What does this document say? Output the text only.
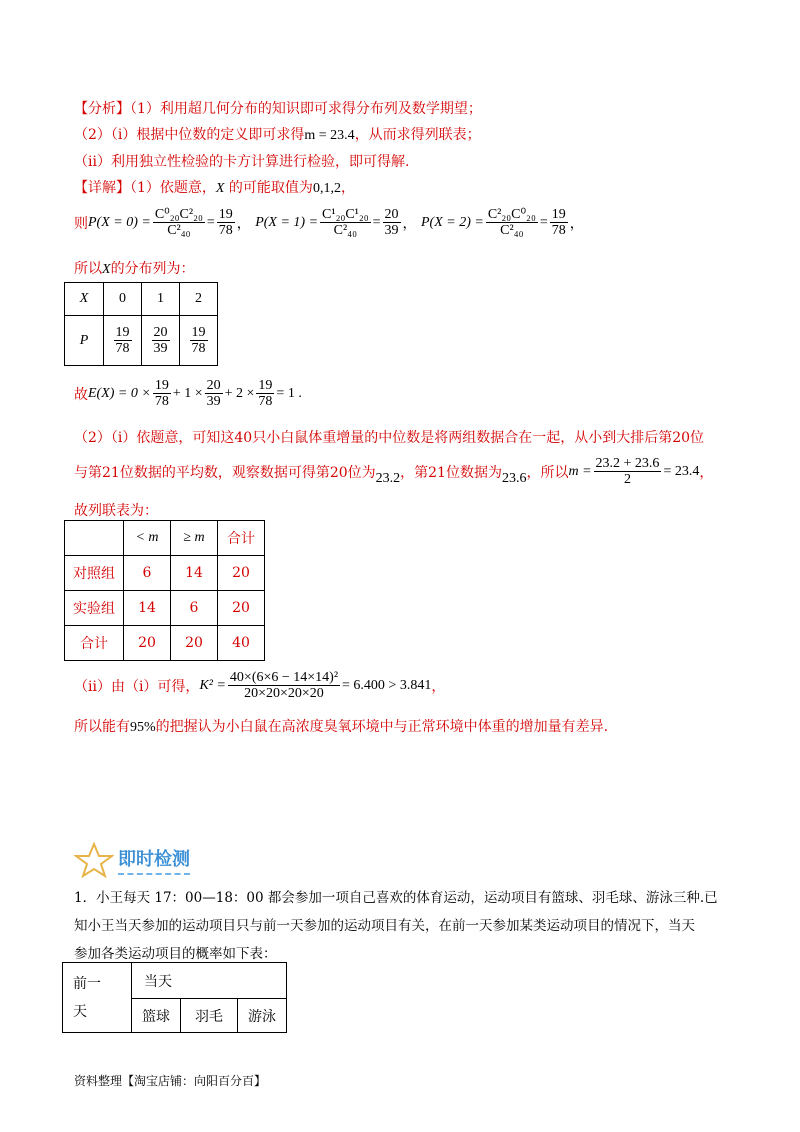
【分析】（1）利用超几何分布的知识即可求得分布列及数学期望；
（2）（i）根据中位数的定义即可求得m = 23.4，从而求得列联表；
（ii）利用独立性检验的卡方计算进行检验，即可得解.
【详解】（1）依题意，X 的可能取值为0,1,2，
则 $P(X = 0) = \frac{\text{C⁰₂₀C²₂₀}}{\text{C²₄₀}} = \frac{19}{78}$ ， $P(X = 1) = \frac{\text{C¹₂₀C¹₂₀}}{\text{C²₄₀}} = \frac{20}{39}$ ， $P(X = 2) = \frac{\text{C²₂₀C⁰₂₀}}{\text{C²₄₀}} = \frac{19}{78}$ ，
所以X的分布列为：
X	0	1	2
P	$\frac{19}{78}$	$\frac{20}{39}$	$\frac{19}{78}$
故 $E(X) = 0 \times \frac{19}{78} + 1 \times \frac{20}{39} + 2 \times \frac{19}{78} = 1$ .
（2）（i）依题意，可知这40只小白鼠体重增量的中位数是将两组数据合在一起，从小到大排后第20位
与第21位数据的平均数，观察数据可得第20位为 23.2 ，第21位数据为 23.6 ，所以 $m = \frac{23.2 + 23.6}{2} = 23.4$ ，
故列联表为：
	< m	≥ m	合计
对照组	6	14	20
实验组	14	6	20
合计	20	20	40
（ii）由（i）可得， $K^2 = \frac{\text{40×(6×6 − 14×14)²}}{20\times 20\times 20\times 20} = 6.400 > 3.841$ ，
所以能有95%的把握认为小白鼠在高浓度臭氧环境中与正常环境中体重的增加量有差异.
即时检测
1．小王每天 17：00—18：00 都会参加一项自己喜欢的体育运动，运动项目有篮球、羽毛球、游泳三种.已
知小王当天参加的运动项目只与前一天参加的运动项目有关，在前一天参加某类运动项目的情况下，当天
参加各类运动项目的概率如下表：
前一天	当天		
	篮球	羽毛	游泳
资料整理【淘宝店铺：向阳百分百】
